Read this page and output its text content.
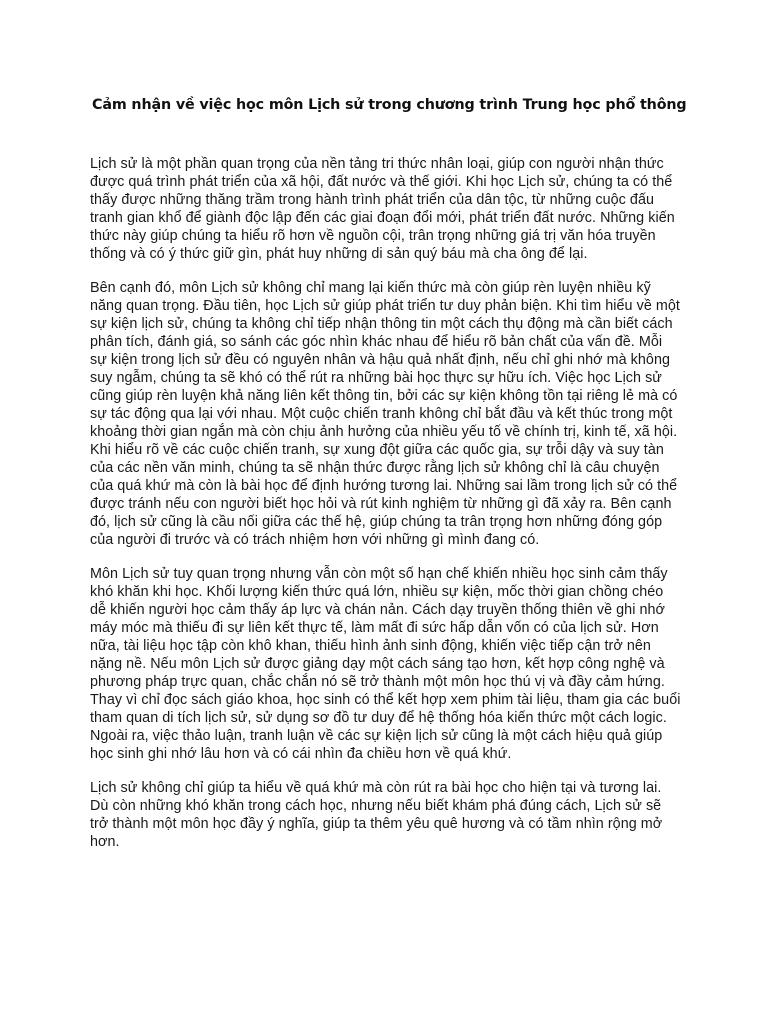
Cảm nhận về việc học môn Lịch sử trong chương trình Trung học phổ thông

Lịch sử là một phần quan trọng của nền tảng tri thức nhân loại, giúp con người nhận thức được quá trình phát triển của xã hội, đất nước và thế giới. Khi học Lịch sử, chúng ta có thể thấy được những thăng trầm trong hành trình phát triển của dân tộc, từ những cuộc đấu tranh gian khổ để giành độc lập đến các giai đoạn đổi mới, phát triển đất nước. Những kiến thức này giúp chúng ta hiểu rõ hơn về nguồn cội, trân trọng những giá trị văn hóa truyền thống và có ý thức giữ gìn, phát huy những di sản quý báu mà cha ông để lại.

Bên cạnh đó, môn Lịch sử không chỉ mang lại kiến thức mà còn giúp rèn luyện nhiều kỹ năng quan trọng. Đầu tiên, học Lịch sử giúp phát triển tư duy phản biện. Khi tìm hiểu về một sự kiện lịch sử, chúng ta không chỉ tiếp nhận thông tin một cách thụ động mà cần biết cách phân tích, đánh giá, so sánh các góc nhìn khác nhau để hiểu rõ bản chất của vấn đề. Mỗi sự kiện trong lịch sử đều có nguyên nhân và hậu quả nhất định, nếu chỉ ghi nhớ mà không suy ngẫm, chúng ta sẽ khó có thể rút ra những bài học thực sự hữu ích. Việc học Lịch sử cũng giúp rèn luyện khả năng liên kết thông tin, bởi các sự kiện không tồn tại riêng lẻ mà có sự tác động qua lại với nhau. Một cuộc chiến tranh không chỉ bắt đầu và kết thúc trong một khoảng thời gian ngắn mà còn chịu ảnh hưởng của nhiều yếu tố về chính trị, kinh tế, xã hội. Khi hiểu rõ về các cuộc chiến tranh, sự xung đột giữa các quốc gia, sự trỗi dậy và suy tàn của các nền văn minh, chúng ta sẽ nhận thức được rằng lịch sử không chỉ là câu chuyện của quá khứ mà còn là bài học để định hướng tương lai. Những sai lầm trong lịch sử có thể được tránh nếu con người biết học hỏi và rút kinh nghiệm từ những gì đã xảy ra. Bên cạnh đó, lịch sử cũng là cầu nối giữa các thế hệ, giúp chúng ta trân trọng hơn những đóng góp của người đi trước và có trách nhiệm hơn với những gì mình đang có.

Môn Lịch sử tuy quan trọng nhưng vẫn còn một số hạn chế khiến nhiều học sinh cảm thấy khó khăn khi học. Khối lượng kiến thức quá lớn, nhiều sự kiện, mốc thời gian chồng chéo dễ khiến người học cảm thấy áp lực và chán nản. Cách dạy truyền thống thiên về ghi nhớ máy móc mà thiếu đi sự liên kết thực tế, làm mất đi sức hấp dẫn vốn có của lịch sử. Hơn nữa, tài liệu học tập còn khô khan, thiếu hình ảnh sinh động, khiến việc tiếp cận trở nên nặng nề. Nếu môn Lịch sử được giảng dạy một cách sáng tạo hơn, kết hợp công nghệ và phương pháp trực quan, chắc chắn nó sẽ trở thành một môn học thú vị và đầy cảm hứng. Thay vì chỉ đọc sách giáo khoa, học sinh có thể kết hợp xem phim tài liệu, tham gia các buổi tham quan di tích lịch sử, sử dụng sơ đồ tư duy để hệ thống hóa kiến thức một cách logic. Ngoài ra, việc thảo luận, tranh luận về các sự kiện lịch sử cũng là một cách hiệu quả giúp học sinh ghi nhớ lâu hơn và có cái nhìn đa chiều hơn về quá khứ.

Lịch sử không chỉ giúp ta hiểu về quá khứ mà còn rút ra bài học cho hiện tại và tương lai. Dù còn những khó khăn trong cách học, nhưng nếu biết khám phá đúng cách, Lịch sử sẽ trở thành một môn học đầy ý nghĩa, giúp ta thêm yêu quê hương và có tầm nhìn rộng mở hơn.
